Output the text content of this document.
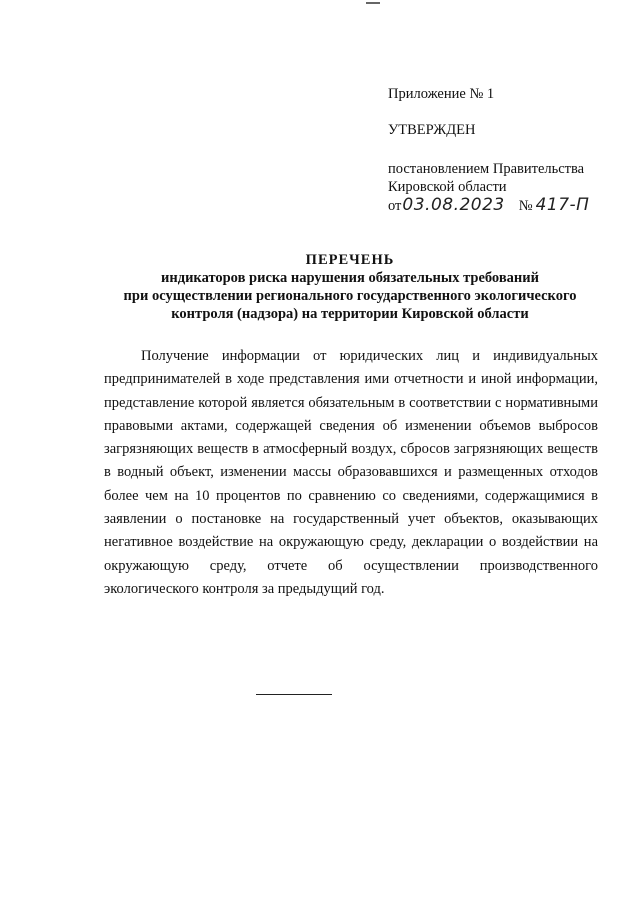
Приложение № 1

УТВЕРЖДЕН

постановлением Правительства

Кировской области

от03.08.2023 № 417-П

ПЕРЕЧЕНЬ
индикаторов риска нарушения обязательных требований
при осуществлении регионального государственного экологического
контроля (надзора) на территории Кировской области

Получение информации от юридических лиц и индивидуальных предпринимателей в ходе представления ими отчетности и иной информации, представление которой является обязательным в соответствии с нормативными правовыми актами, содержащей сведения об изменении объемов выбросов загрязняющих веществ в атмосферный воздух, сбросов загрязняющих веществ в водный объект, изменении массы образовавшихся и размещенных отходов более чем на 10 процентов по сравнению со сведениями, содержащимися в заявлении о постановке на государственный учет объектов, оказывающих негативное воздействие на окружающую среду, декларации о воздействии на окружающую среду, отчете об осуществлении производственного экологического контроля за предыдущий год.
